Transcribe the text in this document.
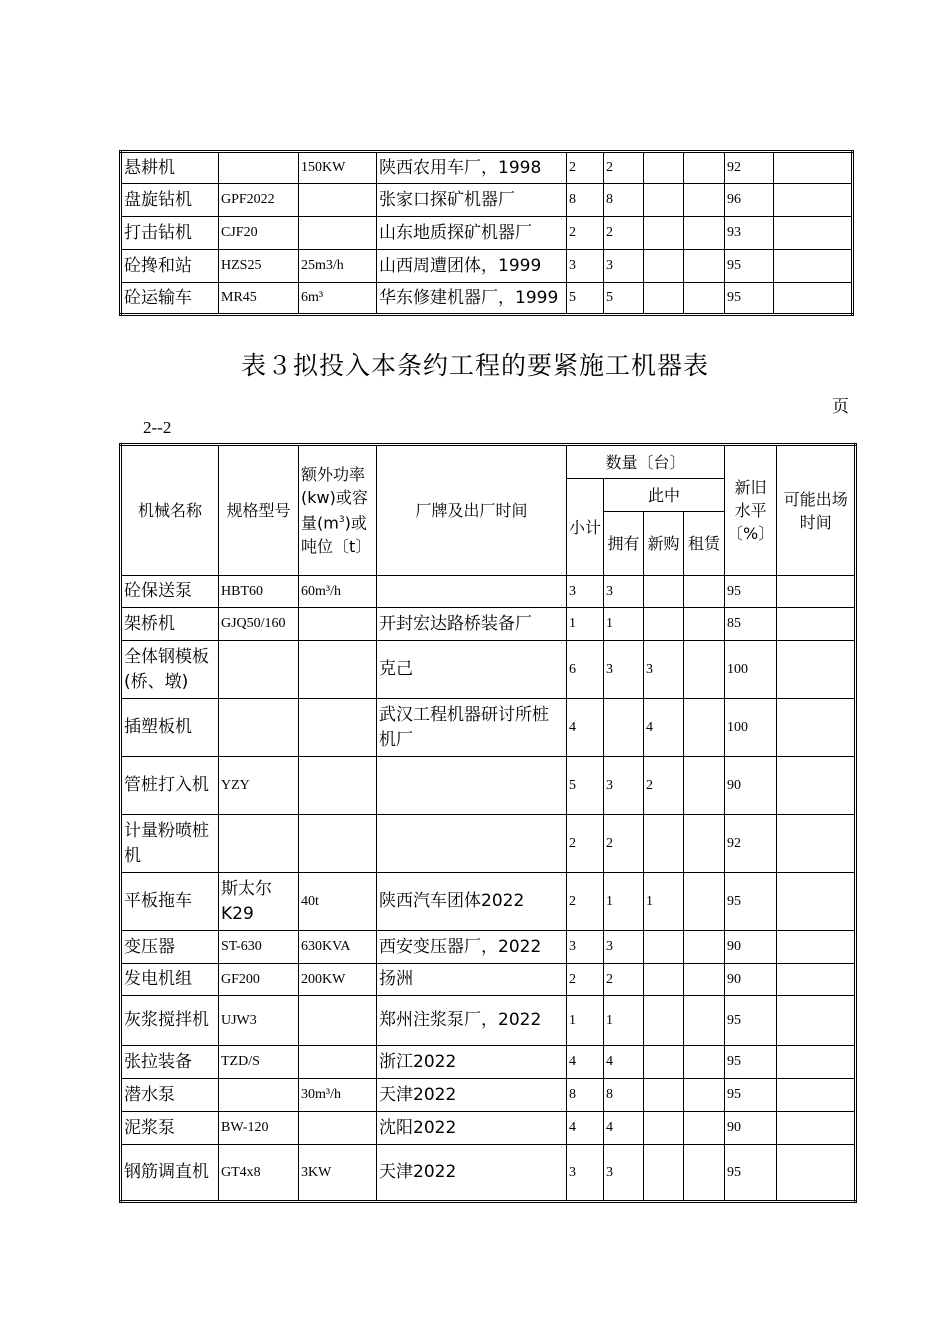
悬耕机		150KW	陕西农用车厂，1998	2	2			92	
盘旋钻机	GPF2022		张家口探矿机器厂	8	8			96	
打击钻机	CJF20		山东地质探矿机器厂	2	2			93	
砼搀和站	HZS25	25m3/h	山西周遭团体，1999	3	3			95	
砼运输车	MR45	6m³	华东修建机器厂，1999	5	5			95	
表３拟投入本条约工程的要紧施工机器表
页
2--2
机械名称	规格型号	额外功率(kw)或容量$(m^3)$或吨位〔t〕	厂牌及出厂时间	数量〔台〕				新旧水平〔%〕	可能出场时间
				小计	此中				
					拥有	新购	租赁		
砼保送泵	HBT60	60m³/h		3	3			95	
架桥机	GJQ50/160		开封宏达路桥装备厂	1	1			85	
全体钢模板(桥、墩)			克己	6	3	3		100	
插塑板机			武汉工程机器研讨所桩机厂	4		4		100	
管桩打入机	YZY			5	3	2		90	
计量粉喷桩机				2	2			92	
平板拖车	斯太尔K29	40t	陕西汽车团体2022	2	1	1		95	
变压器	ST-630	630KVA	西安变压器厂，2022	3	3			90	
发电机组	GF200	200KW	扬洲	2	2			90	
灰浆搅拌机	UJW3		郑州注浆泵厂，2022	1	1			95	
张拉装备	TZD/S		浙江2022	4	4			95	
潜水泵		30m³/h	天津2022	8	8			95	
泥浆泵	BW-120		沈阳2022	4	4			90	
钢筋调直机	GT4x8	3KW	天津2022	3	3			95	
